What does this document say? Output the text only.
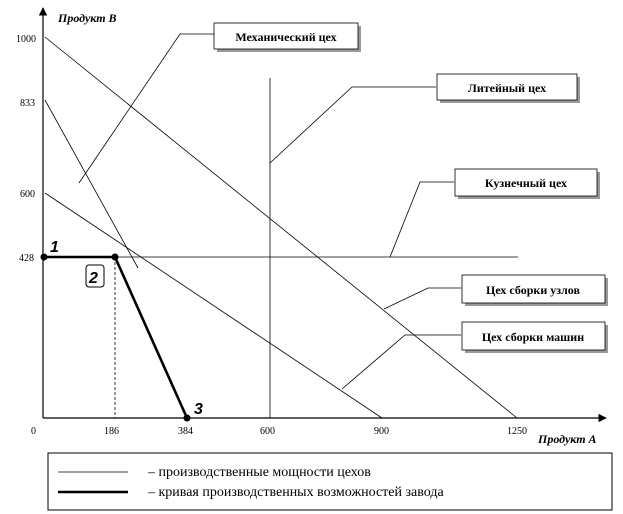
Продукт В
Продукт А
1000
833
600
428
0	186	384	600	900	1250
1
2
3
Механический цех
Литейный цех
Кузнечный цех
Цех сборки узлов
Цех сборки машин
– производственные мощности цехов
– кривая производственных возможностей завода
